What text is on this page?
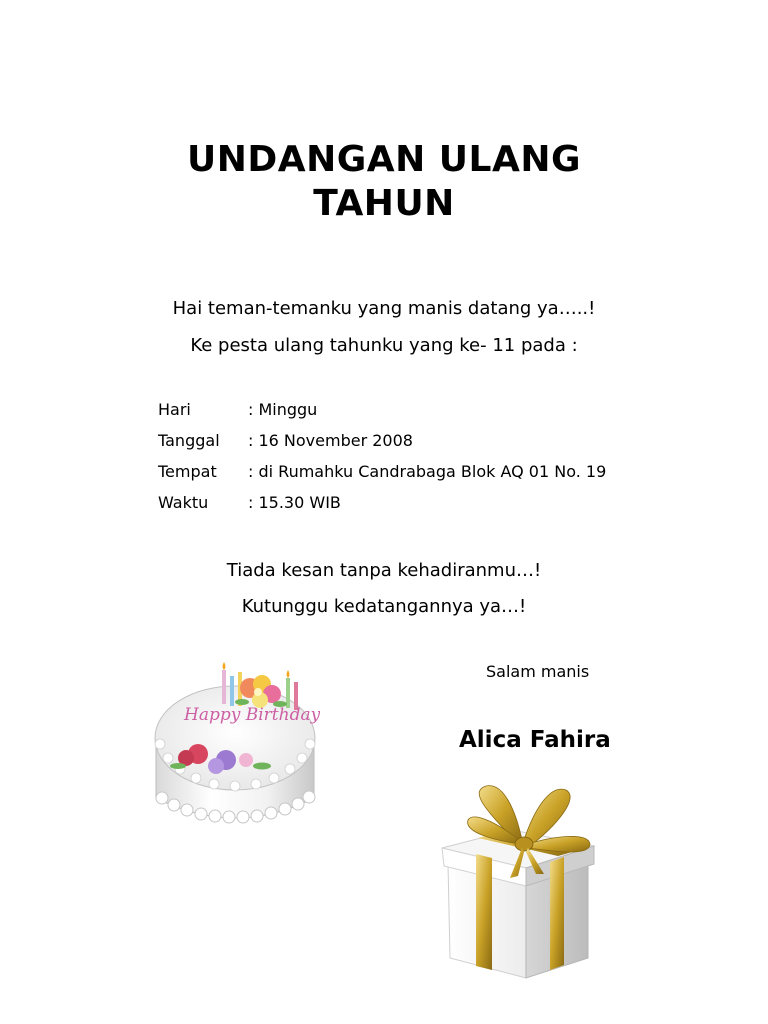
UNDANGAN ULANG
TAHUN
Hai teman-temanku yang manis datang ya…..!
Ke pesta ulang tahunku yang ke- 11 pada :
Hari	: Minggu
Tanggal	: 16 November 2008
Tempat	: di Rumahku Candrabaga Blok AQ 01 No. 19
Waktu	: 15.30 WIB
Tiada kesan tanpa kehadiranmu…!
Kutunggu kedatangannya ya…!
Happy Birthday
Salam manis
Alica Fahira
